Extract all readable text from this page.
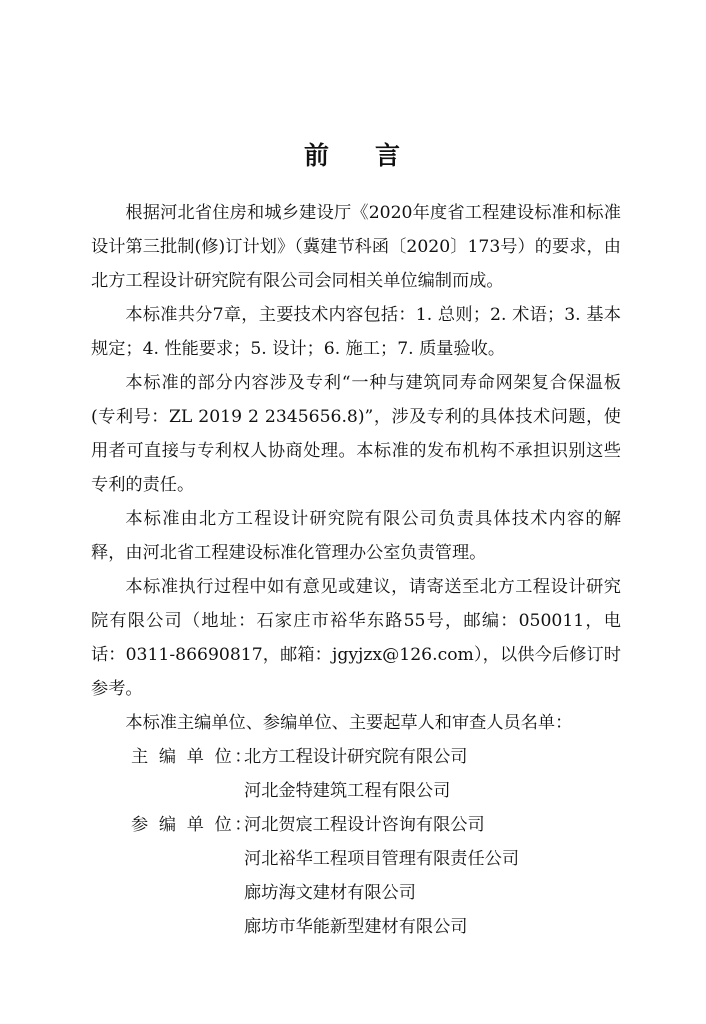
前 言

根据河北省住房和城乡建设厅《2020年度省工程建设标准和标准设计第三批制(修)订计划》（冀建节科函〔2020〕173号）的要求，由北方工程设计研究院有限公司会同相关单位编制而成。

本标准共分7章，主要技术内容包括：1. 总则；2. 术语；3. 基本规定；4. 性能要求；5. 设计；6. 施工；7. 质量验收。

本标准的部分内容涉及专利“一种与建筑同寿命网架复合保温板(专利号：ZL 2019 2 2345656.8)”，涉及专利的具体技术问题，使用者可直接与专利权人协商处理。本标准的发布机构不承担识别这些专利的责任。

本标准由北方工程设计研究院有限公司负责具体技术内容的解释，由河北省工程建设标准化管理办公室负责管理。

本标准执行过程中如有意见或建议，请寄送至北方工程设计研究院有限公司（地址：石家庄市裕华东路55号，邮编：050011，电话：0311-86690817，邮箱：jgyjzx@126.com），以供今后修订时参考。

本标准主编单位、参编单位、主要起草人和审查人员名单：

主 编 单 位：
北方工程设计研究院有限公司
河北金特建筑工程有限公司
参 编 单 位：
河北贺宸工程设计咨询有限公司
河北裕华工程项目管理有限责任公司
廊坊海文建材有限公司
廊坊市华能新型建材有限公司
